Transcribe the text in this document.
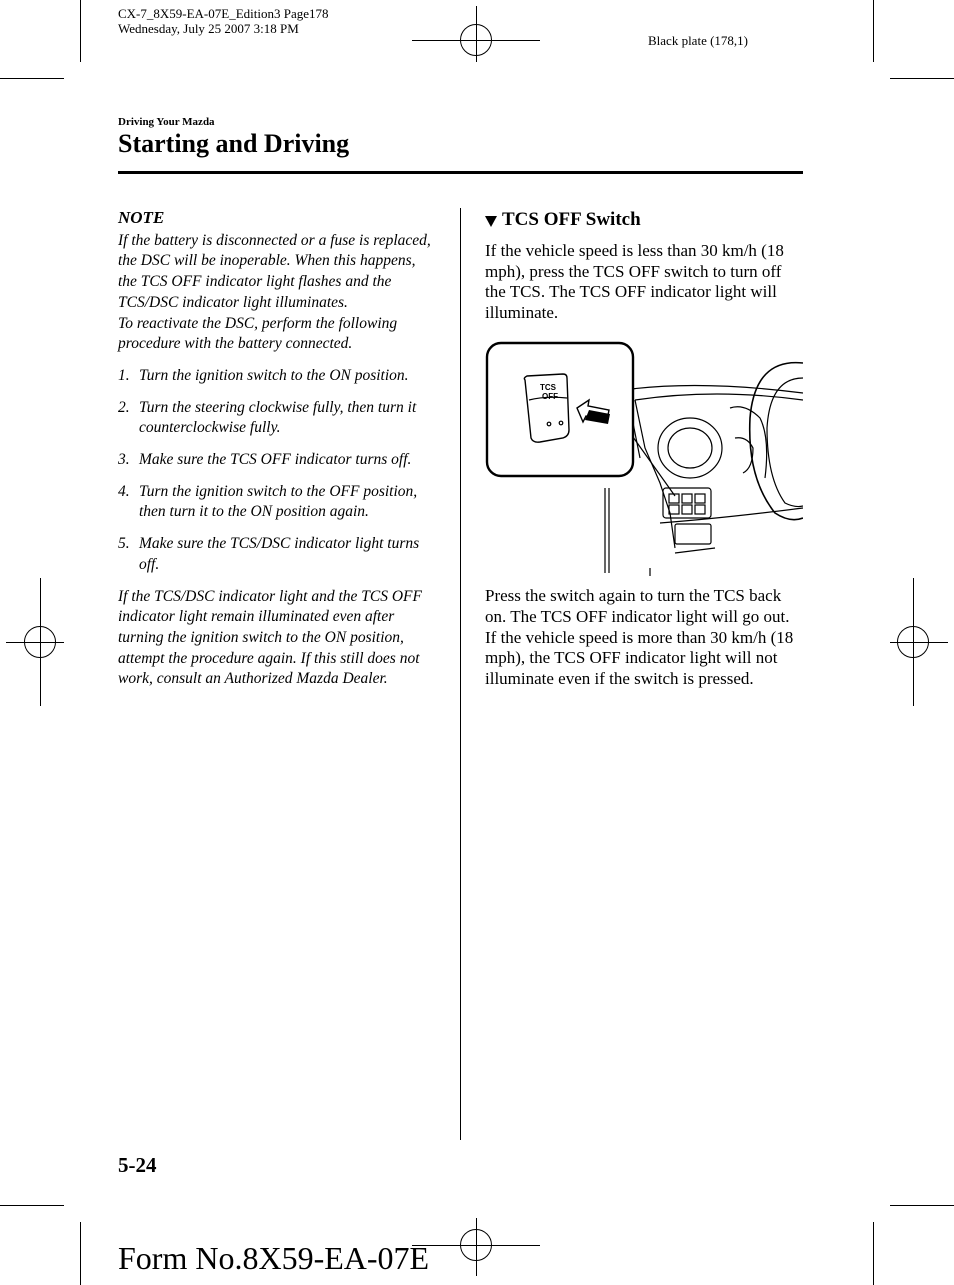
CX-7_8X59-EA-07E_Edition3 Page178
Wednesday, July 25 2007 3:18 PM
Black plate (178,1)
Driving Your Mazda
Starting and Driving
NOTE

If the battery is disconnected or a fuse is replaced, the DSC will be inoperable. When this happens, the TCS OFF indicator light flashes and the TCS/DSC indicator light illuminates.

To reactivate the DSC, perform the following procedure with the battery connected.

1. Turn the ignition switch to the ON position.
2. Turn the steering clockwise fully, then turn it counterclockwise fully.
3. Make sure the TCS OFF indicator turns off.
4. Turn the ignition switch to the OFF position, then turn it to the ON position again.
5. Make sure the TCS/DSC indicator light turns off.

If the TCS/DSC indicator light and the TCS OFF indicator light remain illuminated even after turning the ignition switch to the ON position, attempt the procedure again. If this still does not work, consult an Authorized Mazda Dealer.

TCS OFF Switch

If the vehicle speed is less than 30 km/h (18 mph), press the TCS OFF switch to turn off the TCS. The TCS OFF indicator light will illuminate.

TCS
OFF

Press the switch again to turn the TCS back on. The TCS OFF indicator light will go out. If the vehicle speed is more than 30 km/h (18 mph), the TCS OFF indicator light will not illuminate even if the switch is pressed.

5-24
Form No.8X59-EA-07E
